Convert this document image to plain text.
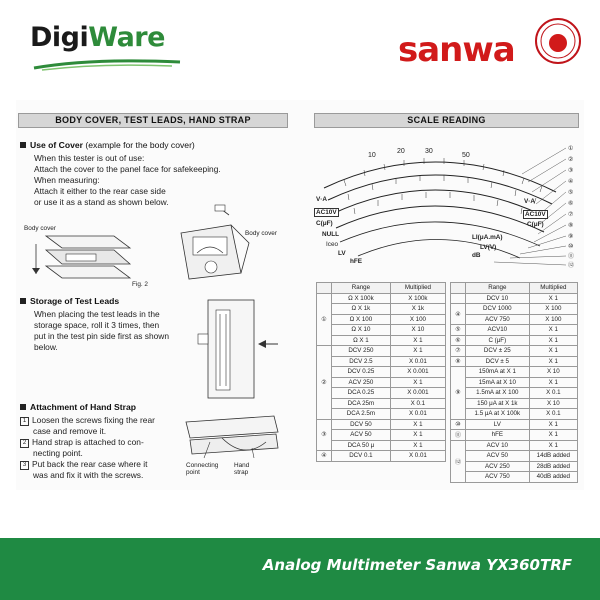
DigiWare	sanwa
BODY COVER, TEST LEADS, HAND STRAP
Use of Cover (example for the body cover)
When this tester is out of use:
Attach the cover to the panel face for safekeeping.
When measuring:
Attach it either to the rear case side
or use it as a stand as shown below.
Body cover
Body cover
Fig. 2
Storage of Test Leads
When placing the test leads in the
storage space, roll it 3 times, then
put in the test pin side first as shown
below.
Attachment of Hand Strap
1 Loosen the screws fixing the rear
case and remove it.
2 Hand strap is attached to con-
necting point.
3 Put back the rear case where it
was and fix it with the screws.
Connecting
point
Hand
strap
SCALE READING
①
②
③
④
⑤
⑥
⑦
⑧
⑨
⑩
⑪
⑫
10
20	30
50
V·A	V·A
AC10V	AC10V
C(μF)	C(μF)
NULL
Iceo
LV
hFE
LI(μA.mA)
LV(V)
dB
	Range	Multiplied
①	Ω X 100k	X 100k
	Ω X 1k	X 1k
	Ω X 100	X 100
	Ω X 10	X 10
	Ω X 1	X 1
②	DCV 250	X 1
	DCV 2.5	X 0.01
	DCV 0.25	X 0.001
	ACV 250	X 1
	DCA 0.25	X 0.001
	DCA 25m	X 0.1
	DCA 2.5m	X 0.01
③	DCV 50	X 1
	ACV 50	X 1
	DCA 50 μ	X 1
④	DCV 0.1	X 0.01
	Range	Multiplied
	DCV 10	X 1
④	DCV 1000	X 100
	ACV 750	X 100
⑤	ACV10	X 1
⑥	C (μF)	X 1
⑦	DCV ± 25	X 1
⑧	DCV ± 5	X 1
⑨	150mA at X 1	X 10
	15mA at X 10	X 1
	1.5mA at X 100	X 0.1
	150 μA at X 1k	X 10
	1.5 μA at X 100k	X 0.1
⑩	LV	X 1
⑪	hFE	X 1
⑫	ACV 10	X 1
	ACV 50	14dB added
	ACV 250	28dB added
	ACV 750	40dB added
Analog Multimeter Sanwa YX360TRF
